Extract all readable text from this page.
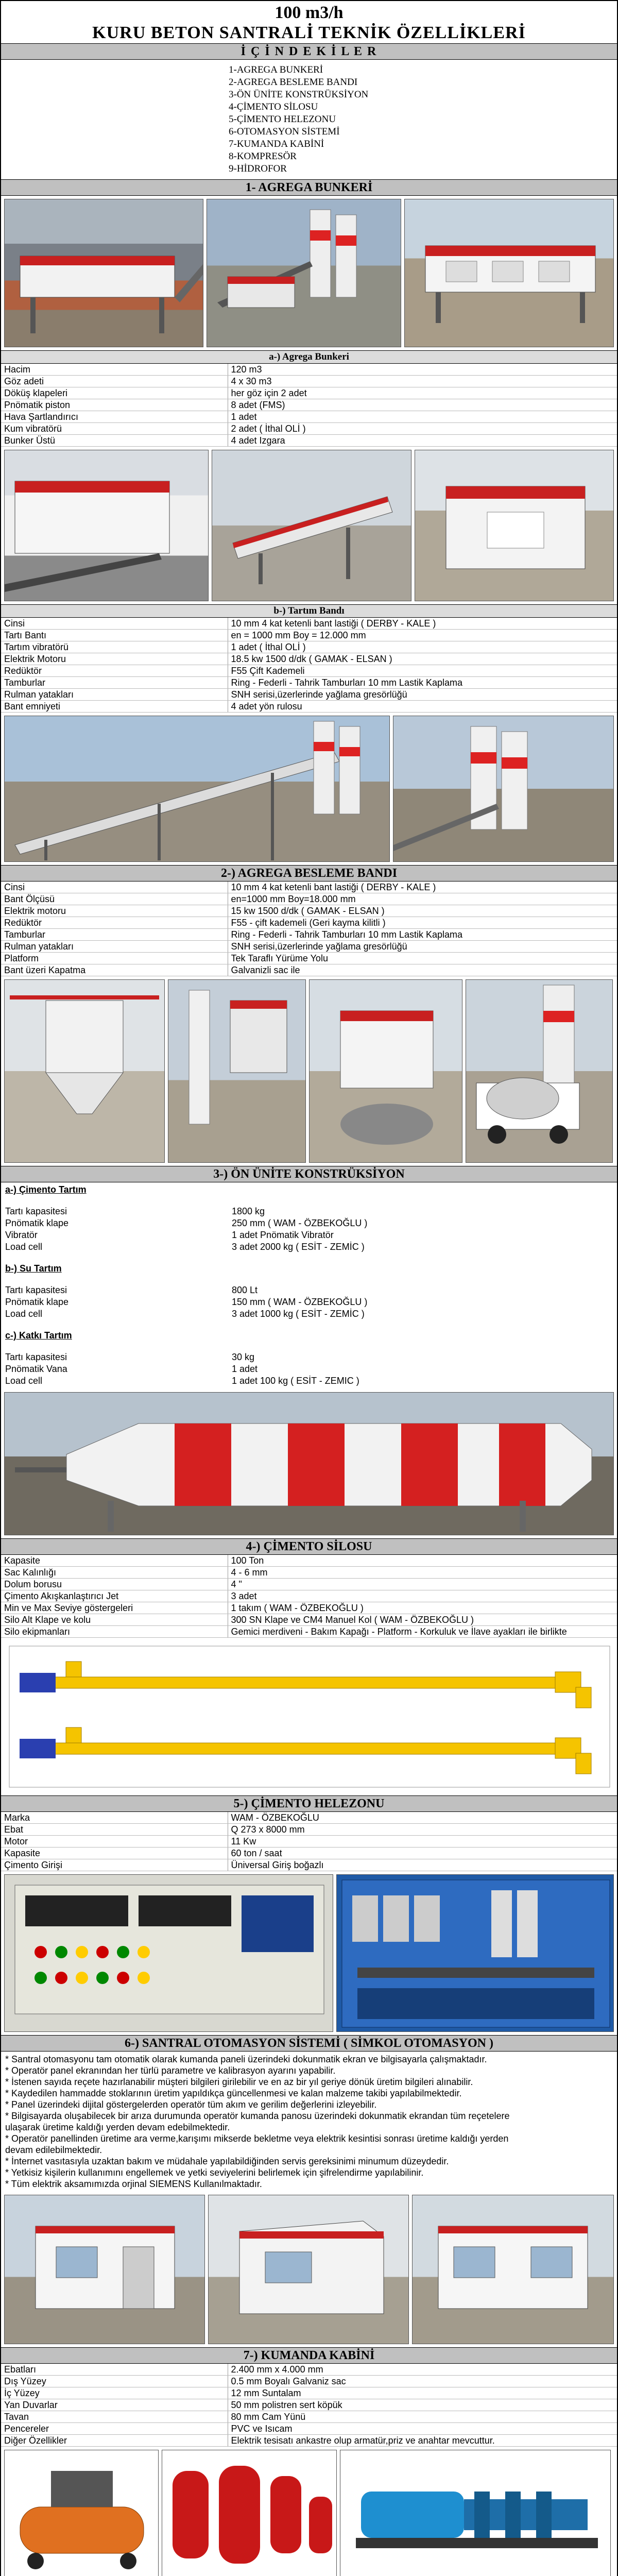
100 m3/h
KURU BETON SANTRALİ TEKNİK ÖZELLİKLERİ
İ Ç İ N D E K İ L E R
1-AGREGA BUNKERİ
2-AGREGA BESLEME BANDI
3-ÖN ÜNİTE KONSTRÜKSİYON
4-ÇİMENTO SİLOSU
5-ÇİMENTO HELEZONU
6-OTOMASYON SİSTEMİ
7-KUMANDA KABİNİ
8-KOMPRESÖR
9-HİDROFOR
1- AGREGA BUNKERİ
a-) Agrega Bunkeri
Hacim	120 m3
Göz adeti	4 x 30 m3
Döküş klapeleri	her göz için 2 adet
Pnömatik piston	8 adet (FMS)
Hava Şartlandırıcı	1 adet
Kum vibratörü	2 adet ( İthal OLİ )
Bunker Üstü	4 adet Izgara
b-) Tartım Bandı
Cinsi	10 mm 4 kat ketenli bant lastiği ( DERBY - KALE )
Tartı Bantı	en = 1000 mm Boy = 12.000 mm
Tartım vibratörü	1 adet ( İthal OLİ )
Elektrik Motoru	18.5 kw 1500 d/dk ( GAMAK - ELSAN )
Redüktör	F55 Çift Kademeli
Tamburlar	Ring - Federli - Tahrik Tamburları 10 mm Lastik Kaplama
Rulman yatakları	SNH serisi,üzerlerinde yağlama gresörlüğü
Bant emniyeti	4 adet yön rulosu
2-) AGREGA BESLEME BANDI
Cinsi	10 mm 4 kat ketenli bant lastiği ( DERBY - KALE )
Bant Ölçüsü	en=1000 mm Boy=18.000 mm
Elektrik motoru	15 kw 1500 d/dk ( GAMAK - ELSAN )
Redüktör	F55 - çift kademeli (Geri kayma kilitli )
Tamburlar	Ring - Federli - Tahrik Tamburları 10 mm Lastik Kaplama
Rulman yatakları	SNH serisi,üzerlerinde yağlama gresörlüğü
Platform	Tek Taraflı Yürüme Yolu
Bant üzeri Kapatma	Galvanizli sac ile
3-) ÖN ÜNİTE KONSTRÜKSİYON
a-) Çimento Tartım
Tartı kapasitesi	1800 kg
Pnömatik klape	250 mm ( WAM - ÖZBEKOĞLU )
Vibratör	1 adet Pnömatik Vibratör
Load cell	3 adet 2000 kg ( ESİT - ZEMİC )
b-) Su Tartım
Tartı kapasitesi	800 Lt
Pnömatik klape	150 mm ( WAM - ÖZBEKOĞLU )
Load cell	3 adet 1000 kg ( ESİT - ZEMİC )
c-) Katkı Tartım
Tartı kapasitesi	30 kg
Pnömatik Vana	1 adet
Load cell	1 adet 100 kg ( ESİT - ZEMIC )
4-) ÇİMENTO SİLOSU
Kapasite	100 Ton
Sac Kalınlığı	4 - 6 mm
Dolum borusu	4 "
Çimento Akışkanlaştırıcı Jet	3 adet
Min ve Max Seviye göstergeleri	1 takım ( WAM - ÖZBEKOĞLU )
Silo Alt Klape ve kolu	300 SN Klape ve CM4 Manuel Kol ( WAM - ÖZBEKOĞLU )
Silo ekipmanları	Gemici merdiveni - Bakım Kapağı - Platform - Korkuluk ve İlave ayakları ile birlikte
5-) ÇİMENTO HELEZONU
Marka	WAM - ÖZBEKOĞLU
Ebat	Q 273 x 8000 mm
Motor	11 Kw
Kapasite	60 ton / saat
Çimento Girişi	Üniversal Giriş boğazlı
6-) SANTRAL OTOMASYON SİSTEMİ ( SİMKOL OTOMASYON )
* Santral otomasyonu tam otomatik olarak kumanda paneli üzerindeki dokunmatik ekran ve bilgisayarla çalışmaktadır.
* Operatör panel ekranından her türlü parametre ve kalibrasyon ayarını yapabilir.
* İstenen sayıda reçete hazırlanabilir müşteri bilgileri girilebilir ve en az bir yıl geriye dönük üretim bilgileri alınabilir.
* Kaydedilen hammadde stoklarının üretim yapıldıkça güncellenmesi ve kalan malzeme takibi yapılabilmektedir.
* Panel üzerindeki dijital göstergelerden operatör tüm akım ve gerilim değerlerini izleyebilir.
* Bilgisayarda oluşabilecek bir arıza durumunda operatör kumanda panosu üzerindeki dokunmatik ekrandan tüm reçetelere
ulaşarak üretime kaldığı yerden devam edebilmektedir.
* Operatör panellinden üretime ara verme,karışımı mikserde bekletme veya elektrik kesintisi sonrası üretime kaldığı yerden
devam edilebilmektedir.
* İnternet vasıtasıyla uzaktan bakım ve müdahale yapılabildiğinden servis gereksinimi minumum düzeydedir.
* Yetkisiz kişilerin kullanımını engellemek ve yetki seviyelerini belirlemek için şifrelendirme yapılabilinir.
* Tüm elektrik aksamımızda orjinal SIEMENS Kullanılmaktadır.
7-) KUMANDA KABİNİ
Ebatları	2.400 mm x 4.000 mm
Dış Yüzey	0.5 mm Boyalı Galvaniz sac
İç Yüzey	12 mm Suntalam
Yan Duvarlar	50 mm polistren sert köpük
Tavan	80 mm Cam Yünü
Pencereler	PVC ve Isıcam
Diğer Özellikler	Elektrik tesisatı ankastre olup armatür,priz ve anahtar mevcuttur.
